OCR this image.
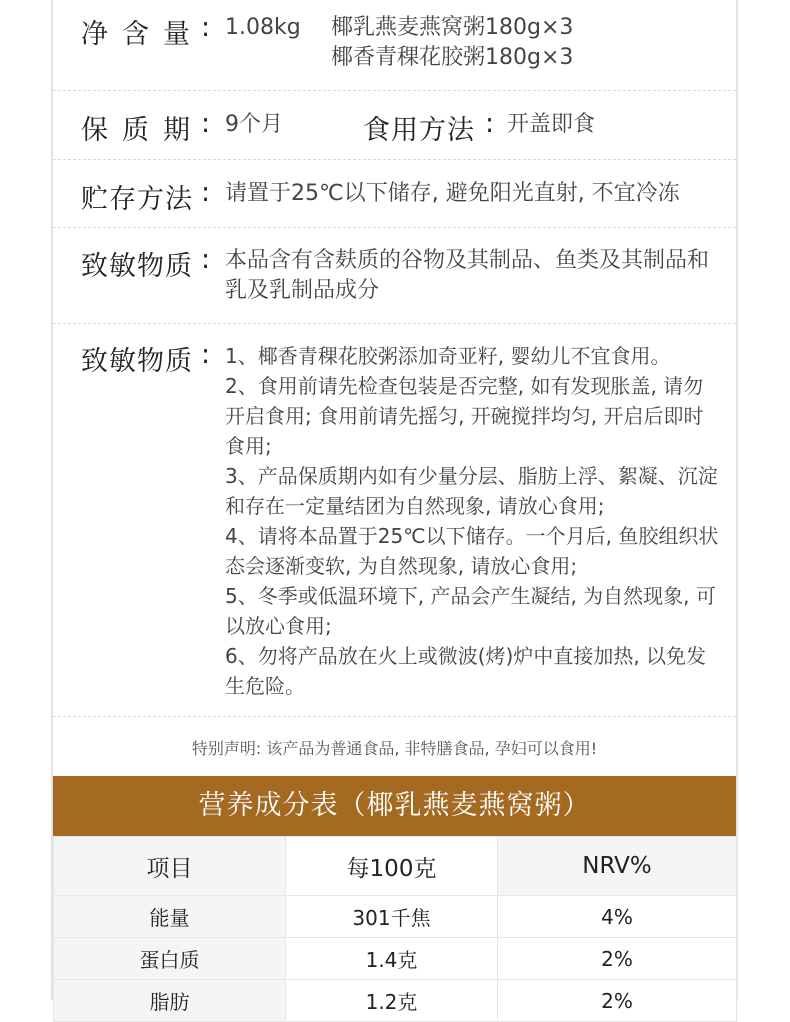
净含量
: 1.08kg 椰乳燕麦燕窝粥180g×3
椰香青稞花胶粥180g×3
保质期
: 9个月	食用方法 : 开盖即食
贮存方法 : 请置于25℃以下储存, 避免阳光直射, 不宜冷冻
致敏物质 : 本品含有含麸质的谷物及其制品、鱼类及其制品和乳及乳制品成分
致敏物质 : 1、椰香青稞花胶粥添加奇亚籽, 婴幼儿不宜食用。
2、食用前请先检查包装是否完整, 如有发现胀盖, 请勿开启食用; 食用前请先摇匀, 开碗搅拌均匀, 开启后即时食用;
3、产品保质期内如有少量分层、脂肪上浮、絮凝、沉淀和存在一定量结团为自然现象, 请放心食用;
4、请将本品置于25℃以下储存。一个月后, 鱼胶组织状态会逐渐变软, 为自然现象, 请放心食用;
5、冬季或低温环境下, 产品会产生凝结, 为自然现象, 可以放心食用;
6、勿将产品放在火上或微波(烤)炉中直接加热, 以免发生危险。
特别声明: 该产品为普通食品, 非特膳食品, 孕妇可以食用!
营养成分表（椰乳燕麦燕窝粥）
项目	每100克	NRV%
能量	301千焦	4%
蛋白质	1.4克	2%
脂肪	1.2克	2%
